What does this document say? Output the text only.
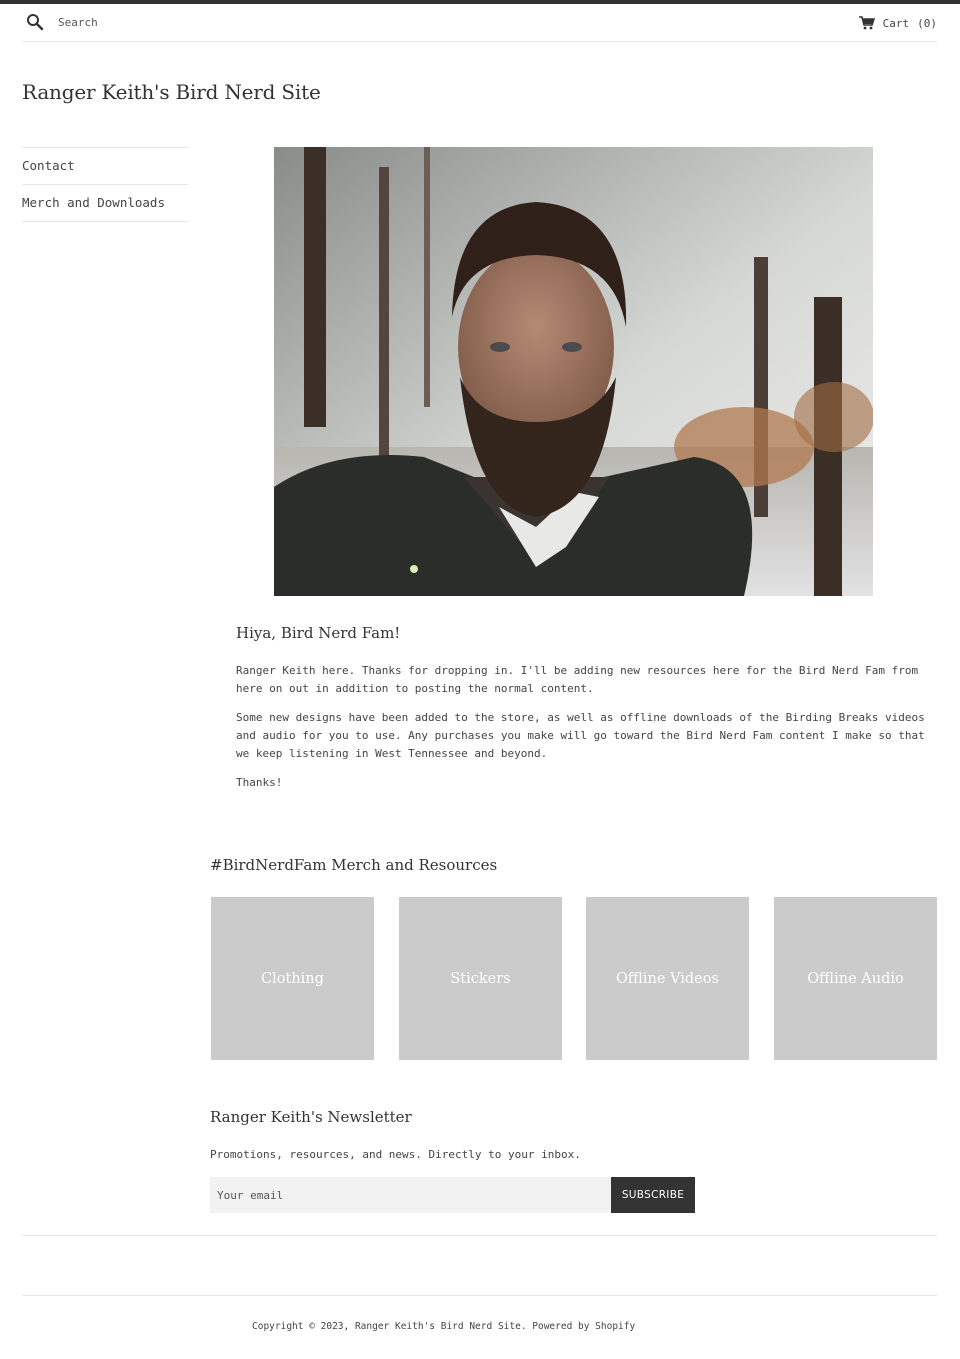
Search
Cart (0)
Ranger Keith's Bird Nerd Site
Contact
Merch and Downloads
Hiya, Bird Nerd Fam!

Ranger Keith here. Thanks for dropping in. I'll be adding new resources here for the Bird Nerd Fam from here on out in addition to posting the normal content.

Some new designs have been added to the store, as well as offline downloads of the Birding Breaks videos and audio for you to use. Any purchases you make will go toward the Bird Nerd Fam content I make so that we keep listening in West Tennessee and beyond.

Thanks!

#BirdNerdFam Merch and Resources
Clothing	Stickers	Offline Videos	Offline Audio
Ranger Keith's Newsletter
Promotions, resources, and news. Directly to your inbox.
Your email
SUBSCRIBE
Copyright © 2023, Ranger Keith's Bird Nerd Site. Powered by Shopify
